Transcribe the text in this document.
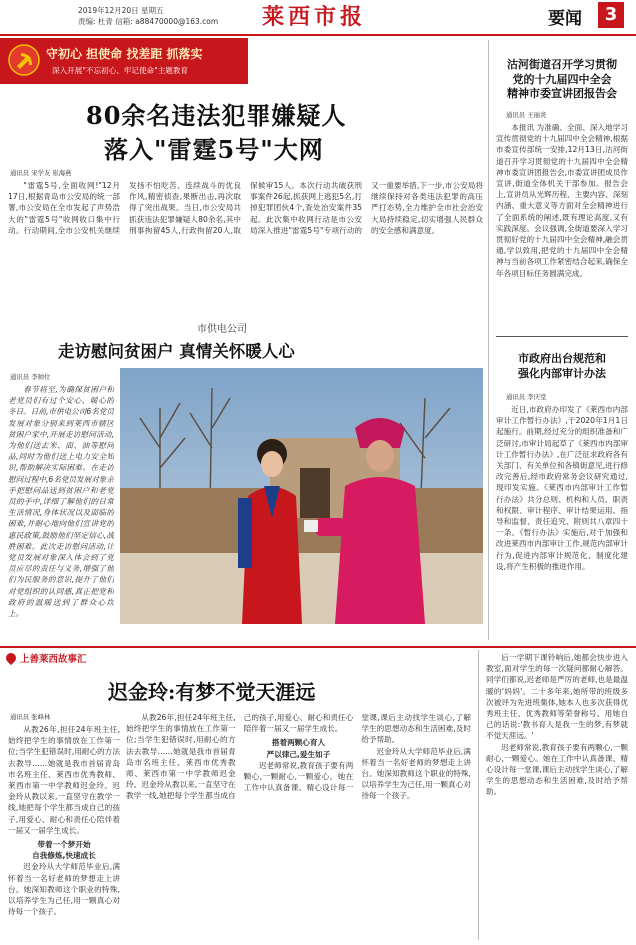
2019年12月20日 星期五
责编: 杜青 信箱: a88470000@163.com 莱西市报	要闻	3
守初心 担使命 找差距 抓落实
深入开展"不忘初心、牢记使命"主题教育
80余名违法犯罪嫌疑人
落入"雷霆5号"大网
通讯员 宋学友 崔海燕

"雷霆5号,全面收网!"12月17日,根据青岛市公安局的统一部署,市公安局在全市发起了声势浩大的"雷霆5号"收网收口集中行动。行动期间,全市公安机关继续发扬不怕吃苦、连续战斗的优良作风,精密侦查,果断出击,再次取得了突出战果。当日,市公安局共抓获违法犯罪嫌疑人80余名,其中刑事拘留45人,行政拘留20人,取保候审15人。本次行动共破获刑事案件26起,抓获网上逃犯5名,打掉犯罪团伙4个,查处治安案件35起。此次集中收网行动是市公安局深入推进"雷霆5号"专项行动的又一重要举措,下一步,市公安局将继续保持对各类违法犯罪的高压严打态势,全力维护全市社会治安大局持续稳定,切实增强人民群众的安全感和满意度。

市供电公司
走访慰问贫困户 真情关怀暖人心
通讯员 李帅位

春节将至,为确保贫困户和老党员们有过个安心、暖心的冬日。日前,市供电公司6名党员发展对象分别来到莱西市辖区贫困户家中,开展走访慰问活动,为他们送去米、面、油等慰问品,同时为他们送上电力安全知识,帮助解决实际困难。在走访慰问过程中,6名党员发展对象亲手把慰问品送到贫困户和老党员的手中,详细了解他们的日常生活情况,身体状况以及面临的困难,并耐心地向他们宣讲党的惠民政策,鼓励他们坚定信心,战胜困难。此次走访慰问活动,让党员发展对象深入体会到了党员应尽的责任与义务,增强了他们为民服务的意识,提升了他们对党组织的认同感,真正把党和政府的温暖送到了群众心坎上。

沽河街道召开学习贯彻
党的十九届四中全会
精神市委宣讲团报告会
通讯员 王丽炎

本报讯 为准确、全面、深入地学习宣传贯彻党的十九届四中全会精神,根据市委宣传部统一安排,12月13日,沽河街道召开学习贯彻党的十九届四中全会精神市委宣讲团报告会,市委宣讲团成员作宣讲,街道全体机关干部参加。报告会上,宣讲员从光辉历程、主要内容、深刻内涵、重大意义等方面对全会精神进行了全面系统的阐述,既有理论高度,又有实践深度。会议强调,全街道要深入学习贯彻好党的十九届四中全会精神,融会贯通,学以致用,把党的十九届四中全会精神与当前各项工作紧密结合起来,确保全年各项目标任务圆满完成。

市政府出台规范和
强化内部审计办法
通讯员 李庆堂

近日,市政府办印发了《莱西市内部审计工作暂行办法》,于2020年1月1日起施行。前期,经过充分的组织准备和广泛研讨,市审计局起草了《莱西市内部审计工作暂行办法》,在广泛征求政府各有关部门、有关单位和各镇街意见,进行修改完善后,经市政府常务会议研究通过,现印发实施。《莱西市内部审计工作暂行办法》共分总则、机构和人员、职责和权限、审计程序、审计结果运用、指导和监督、责任追究、附则共八章四十一条。《暂行办法》实施后,对于加强和改进莱西市内部审计工作,规范内部审计行为,促进内部审计规范化、制度化建设,将产生积极的推进作用。

上善莱西故事汇
迟金玲:有梦不觉天涯远
通讯员 张峰林

从教26年,担任24年班主任,始终把学生的事情放在工作第一位;当学生犯错误时,用耐心的方法去教导……她就是我市首届青岛市名班主任、莱西市优秀教师、莱西市第一中学教师迟金玲。迟金玲从教以来,一直坚守在教学一线,她把每个学生都当成自己的孩子,用爱心、耐心和责任心陪伴着一届又一届学生成长。

带着一个梦开始
自我修炼,快速成长

迟金玲从大学师范毕业后,满怀着当一名好老师的梦想走上讲台。她深知教师这个职业的特殊,以培养学生为己任,用一颗真心对待每一个孩子。

从教26年,担任24年班主任,始终把学生的事情放在工作第一位;当学生犯错误时,用耐心的方法去教导……她就是我市首届青岛市名班主任、莱西市优秀教师、莱西市第一中学教师迟金玲。迟金玲从教以来,一直坚守在教学一线,她把每个学生都当成自己的孩子,用爱心、耐心和责任心陪伴着一届又一届学生成长。

搭着两颗心育人
严以律己,爱生如子

迟老师常说,教育孩子要有两颗心,一颗耐心,一颗爱心。她在工作中认真备课、精心设计每一堂课,课后主动找学生谈心,了解学生的思想动态和生活困难,及时给予帮助。

迟金玲从大学师范毕业后,满怀着当一名好老师的梦想走上讲台。她深知教师这个职业的特殊,以培养学生为己任,用一颗真心对待每一个孩子。

后一学期下课铃响后,她都会快步进入教室,面对学生的每一次疑问都耐心解答。同学们都说,迟老师是严厉的老师,也是最温暖的'妈妈'。二十多年来,她所带的班级多次被评为先进班集体,她本人也多次获得优秀班主任、优秀教师等荣誉称号。用她自己的话说:'教书育人是我一生的梦,有梦就不觉天涯远。'

迟老师常说,教育孩子要有两颗心,一颗耐心,一颗爱心。她在工作中认真备课、精心设计每一堂课,课后主动找学生谈心,了解学生的思想动态和生活困难,及时给予帮助。
